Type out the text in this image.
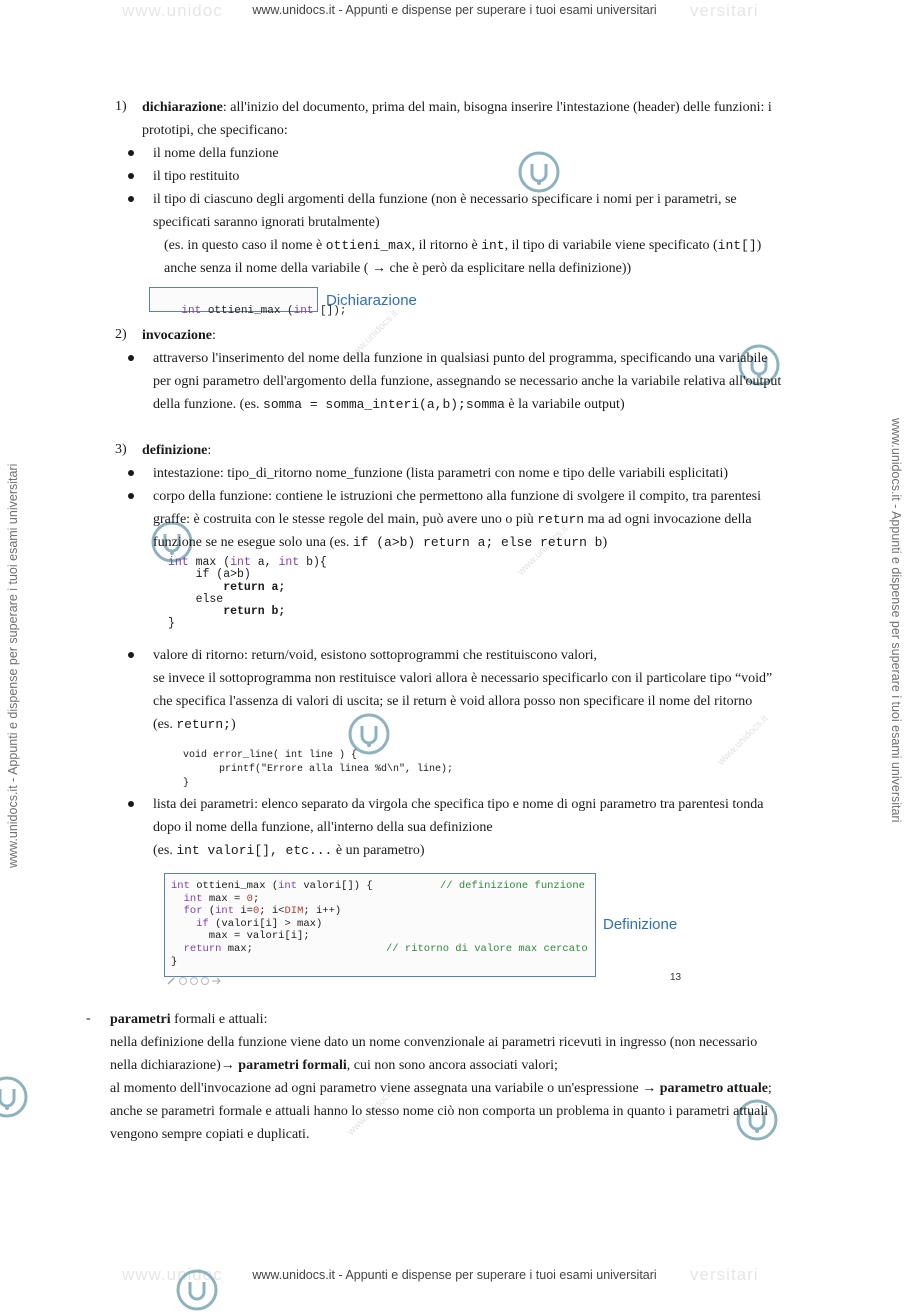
www.unidoc	versitari
www.unidocs.it - Appunti e dispense per superare i tuoi esami universitari
www.unidoc	versitari
www.unidocs.it - Appunti e dispense per superare i tuoi esami universitari
www.unidocs.it - Appunti e dispense per superare i tuoi esami universitari	www.unidocs.it - Appunti e dispense per superare i tuoi esami universitari
www.unidocs.it
www.unidocs.it
www.unidocs.it
www.unidocs.it
1) dichiarazione: all'inizio del documento, prima del main, bisogna inserire l'intestazione (header) delle funzioni: i
prototipi, che specificano:
il nome della funzione
il tipo restituito
il tipo di ciascuno degli argomenti della funzione (non è necessario specificare i nomi per i parametri, se
specificati saranno ignorati brutalmente)
(es. in questo caso il nome è ottieni_max, il ritorno è int, il tipo di variabile viene specificato (int[])
anche senza il nome della variabile ( → che è però da esplicitare nella definizione))

int ottieni_max (int []);

Dichiarazione
2) invocazione:
attraverso l'inserimento del nome della funzione in qualsiasi punto del programma, specificando una variabile
per ogni parametro dell'argomento della funzione, assegnando se necessario anche la variabile relativa all'output
della funzione. (es. somma = somma_interi(a,b);somma è la variabile output)
3) definizione:
intestazione: tipo_di_ritorno nome_funzione (lista parametri con nome e tipo delle variabili esplicitati)
corpo della funzione: contiene le istruzioni che permettono alla funzione di svolgere il compito, tra parentesi
graffe: è costruita con le stesse regole del main, può avere uno o più return ma ad ogni invocazione della
funzione se ne esegue solo una (es. if (a>b) return a; else return b)
int max (int a, int b){
if (a>b)
return a;
else
return b;
}
valore di ritorno: return/void, esistono sottoprogrammi che restituiscono valori,
se invece il sottoprogramma non restituisce valori allora è necessario specificarlo con il particolare tipo “void”
che specifica l'assenza di valori di uscita; se il return è void allora posso non specificare il nome del ritorno
(es. return;)
void error_line( int line ) {
printf("Errore alla linea %d\n", line);
}
lista dei parametri: elenco separato da virgola che specifica tipo e nome di ogni parametro tra parentesi tonda
dopo il nome della funzione, all'interno della sua definizione
(es. int valori[], etc... è un parametro)
int ottieni_max (int valori[]) {
int max = 0;
for (int i=0; i<DIM; i++)
if (valori[i] > max)
max = valori[i];
return max;
}
// definizione funzione
// ritorno di valore max cercato
Definizione
13
- parametri formali e attuali:
nella definizione della funzione viene dato un nome convenzionale ai parametri ricevuti in ingresso (non necessario
nella dichiarazione)→ parametri formali, cui non sono ancora associati valori;
al momento dell'invocazione ad ogni parametro viene assegnata una variabile o un'espressione → parametro attuale;
anche se parametri formale e attuali hanno lo stesso nome ciò non comporta un problema in quanto i parametri attuali
vengono sempre copiati e duplicati.
